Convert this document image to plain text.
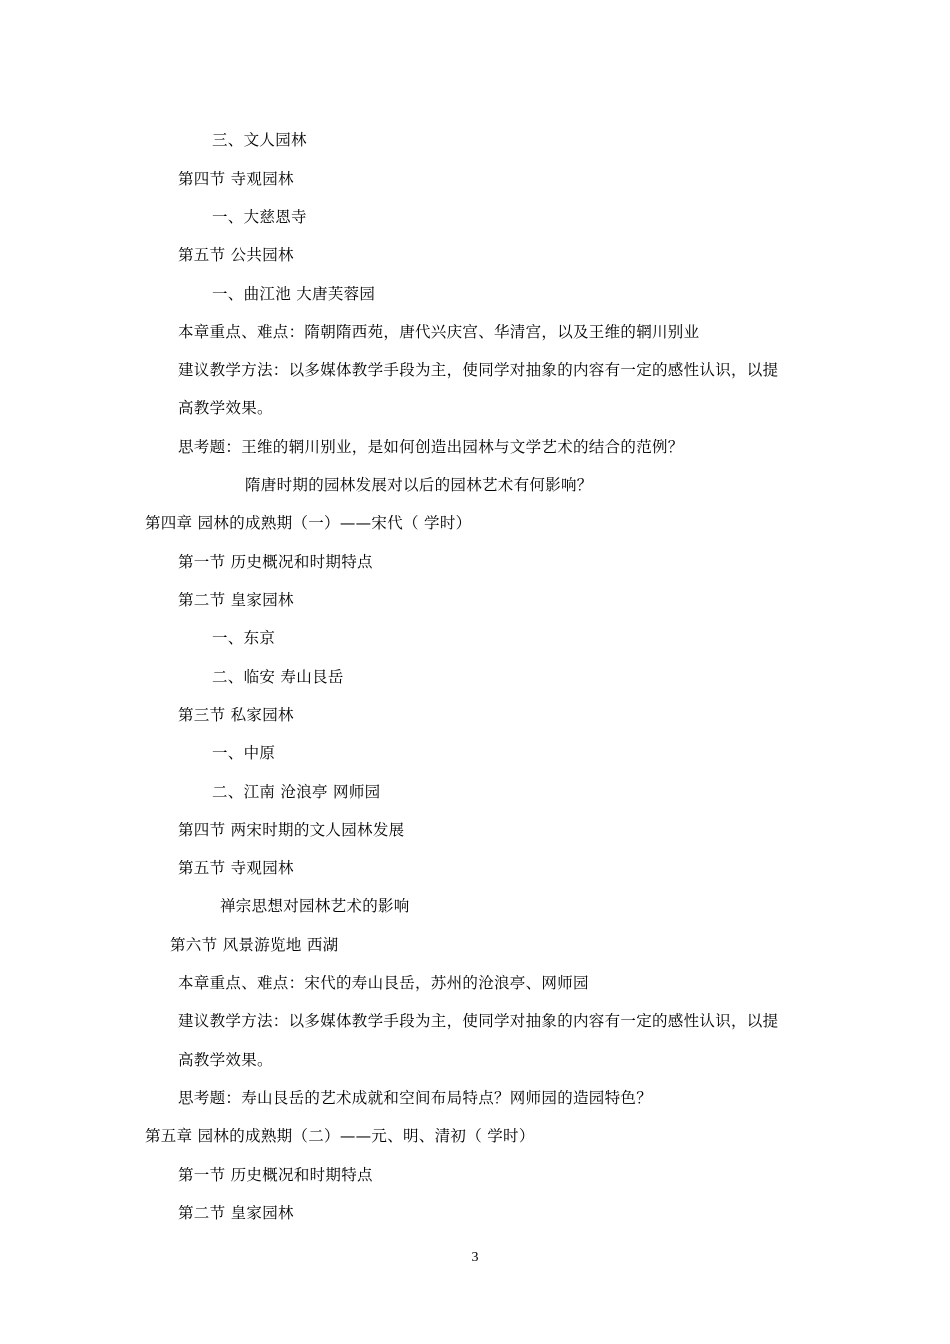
三、文人园林
第四节 寺观园林
一、大慈恩寺
第五节 公共园林
一、曲江池 大唐芙蓉园
本章重点、难点：隋朝隋西苑，唐代兴庆宫、华清宫，以及王维的辋川别业
建议教学方法：以多媒体教学手段为主，使同学对抽象的内容有一定的感性认识，以提
高教学效果。
思考题：王维的辋川别业，是如何创造出园林与文学艺术的结合的范例？
隋唐时期的园林发展对以后的园林艺术有何影响？
第四章 园林的成熟期（一）——宋代（ 学时）
第一节 历史概况和时期特点
第二节 皇家园林
一、东京
二、临安 寿山艮岳
第三节 私家园林
一、中原
二、江南 沧浪亭 网师园
第四节 两宋时期的文人园林发展
第五节 寺观园林
禅宗思想对园林艺术的影响
第六节 风景游览地 西湖
本章重点、难点：宋代的寿山艮岳，苏州的沧浪亭、网师园
建议教学方法：以多媒体教学手段为主，使同学对抽象的内容有一定的感性认识，以提
高教学效果。
思考题：寿山艮岳的艺术成就和空间布局特点？网师园的造园特色？
第五章 园林的成熟期（二）——元、明、清初（ 学时）
第一节 历史概况和时期特点
第二节 皇家园林
3
